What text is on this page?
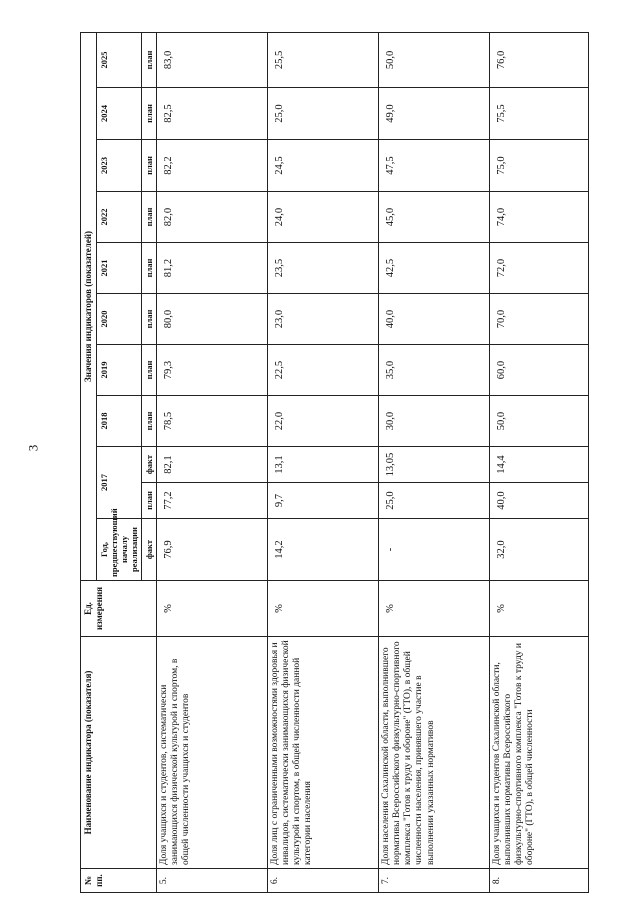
3
№ пп.	Наименование индикатора (показателя)	Ед. измерения	Значения индикаторов (показателей)										
			Год, предшествующий началу реализации	2017		2018	2019	2020	2021	2022	2023	2024	2025
			факт	план	факт	план	план	план	план	план	план	план	план
5.	Доля учащихся и студентов, систематически занимающихся физической культурой и спортом, в общей численности учащихся и студентов	%	76,9	77,2	82,1	78,5	79,3	80,0	81,2	82,0	82,2	82,5	83,0
6.	Доля лиц с ограниченными возможностями здоровья и инвалидов, систематически занимающихся физической культурой и спортом, в общей численности данной категории населения	%	14,2	9,7	13,1	22,0	22,5	23,0	23,5	24,0	24,5	25,0	25,5
7.	Доля населения Сахалинской области, выполнившего нормативы Всероссийского физкультурно-спортивного комплекса "Готов к труду и обороне" (ГТО), в общей численности населения, принявшего участие в выполнении указанных нормативов	%	-	25,0	13,05	30,0	35,0	40,0	42,5	45,0	47,5	49,0	50,0
8.	Доля учащихся и студентов Сахалинской области, выполнивших нормативы Всероссийского физкультурно-спортивного комплекса "Готов к труду и обороне" (ГТО), в общей численности	%	32,0	40,0	14,4	50,0	60,0	70,0	72,0	74,0	75,0	75,5	76,0
